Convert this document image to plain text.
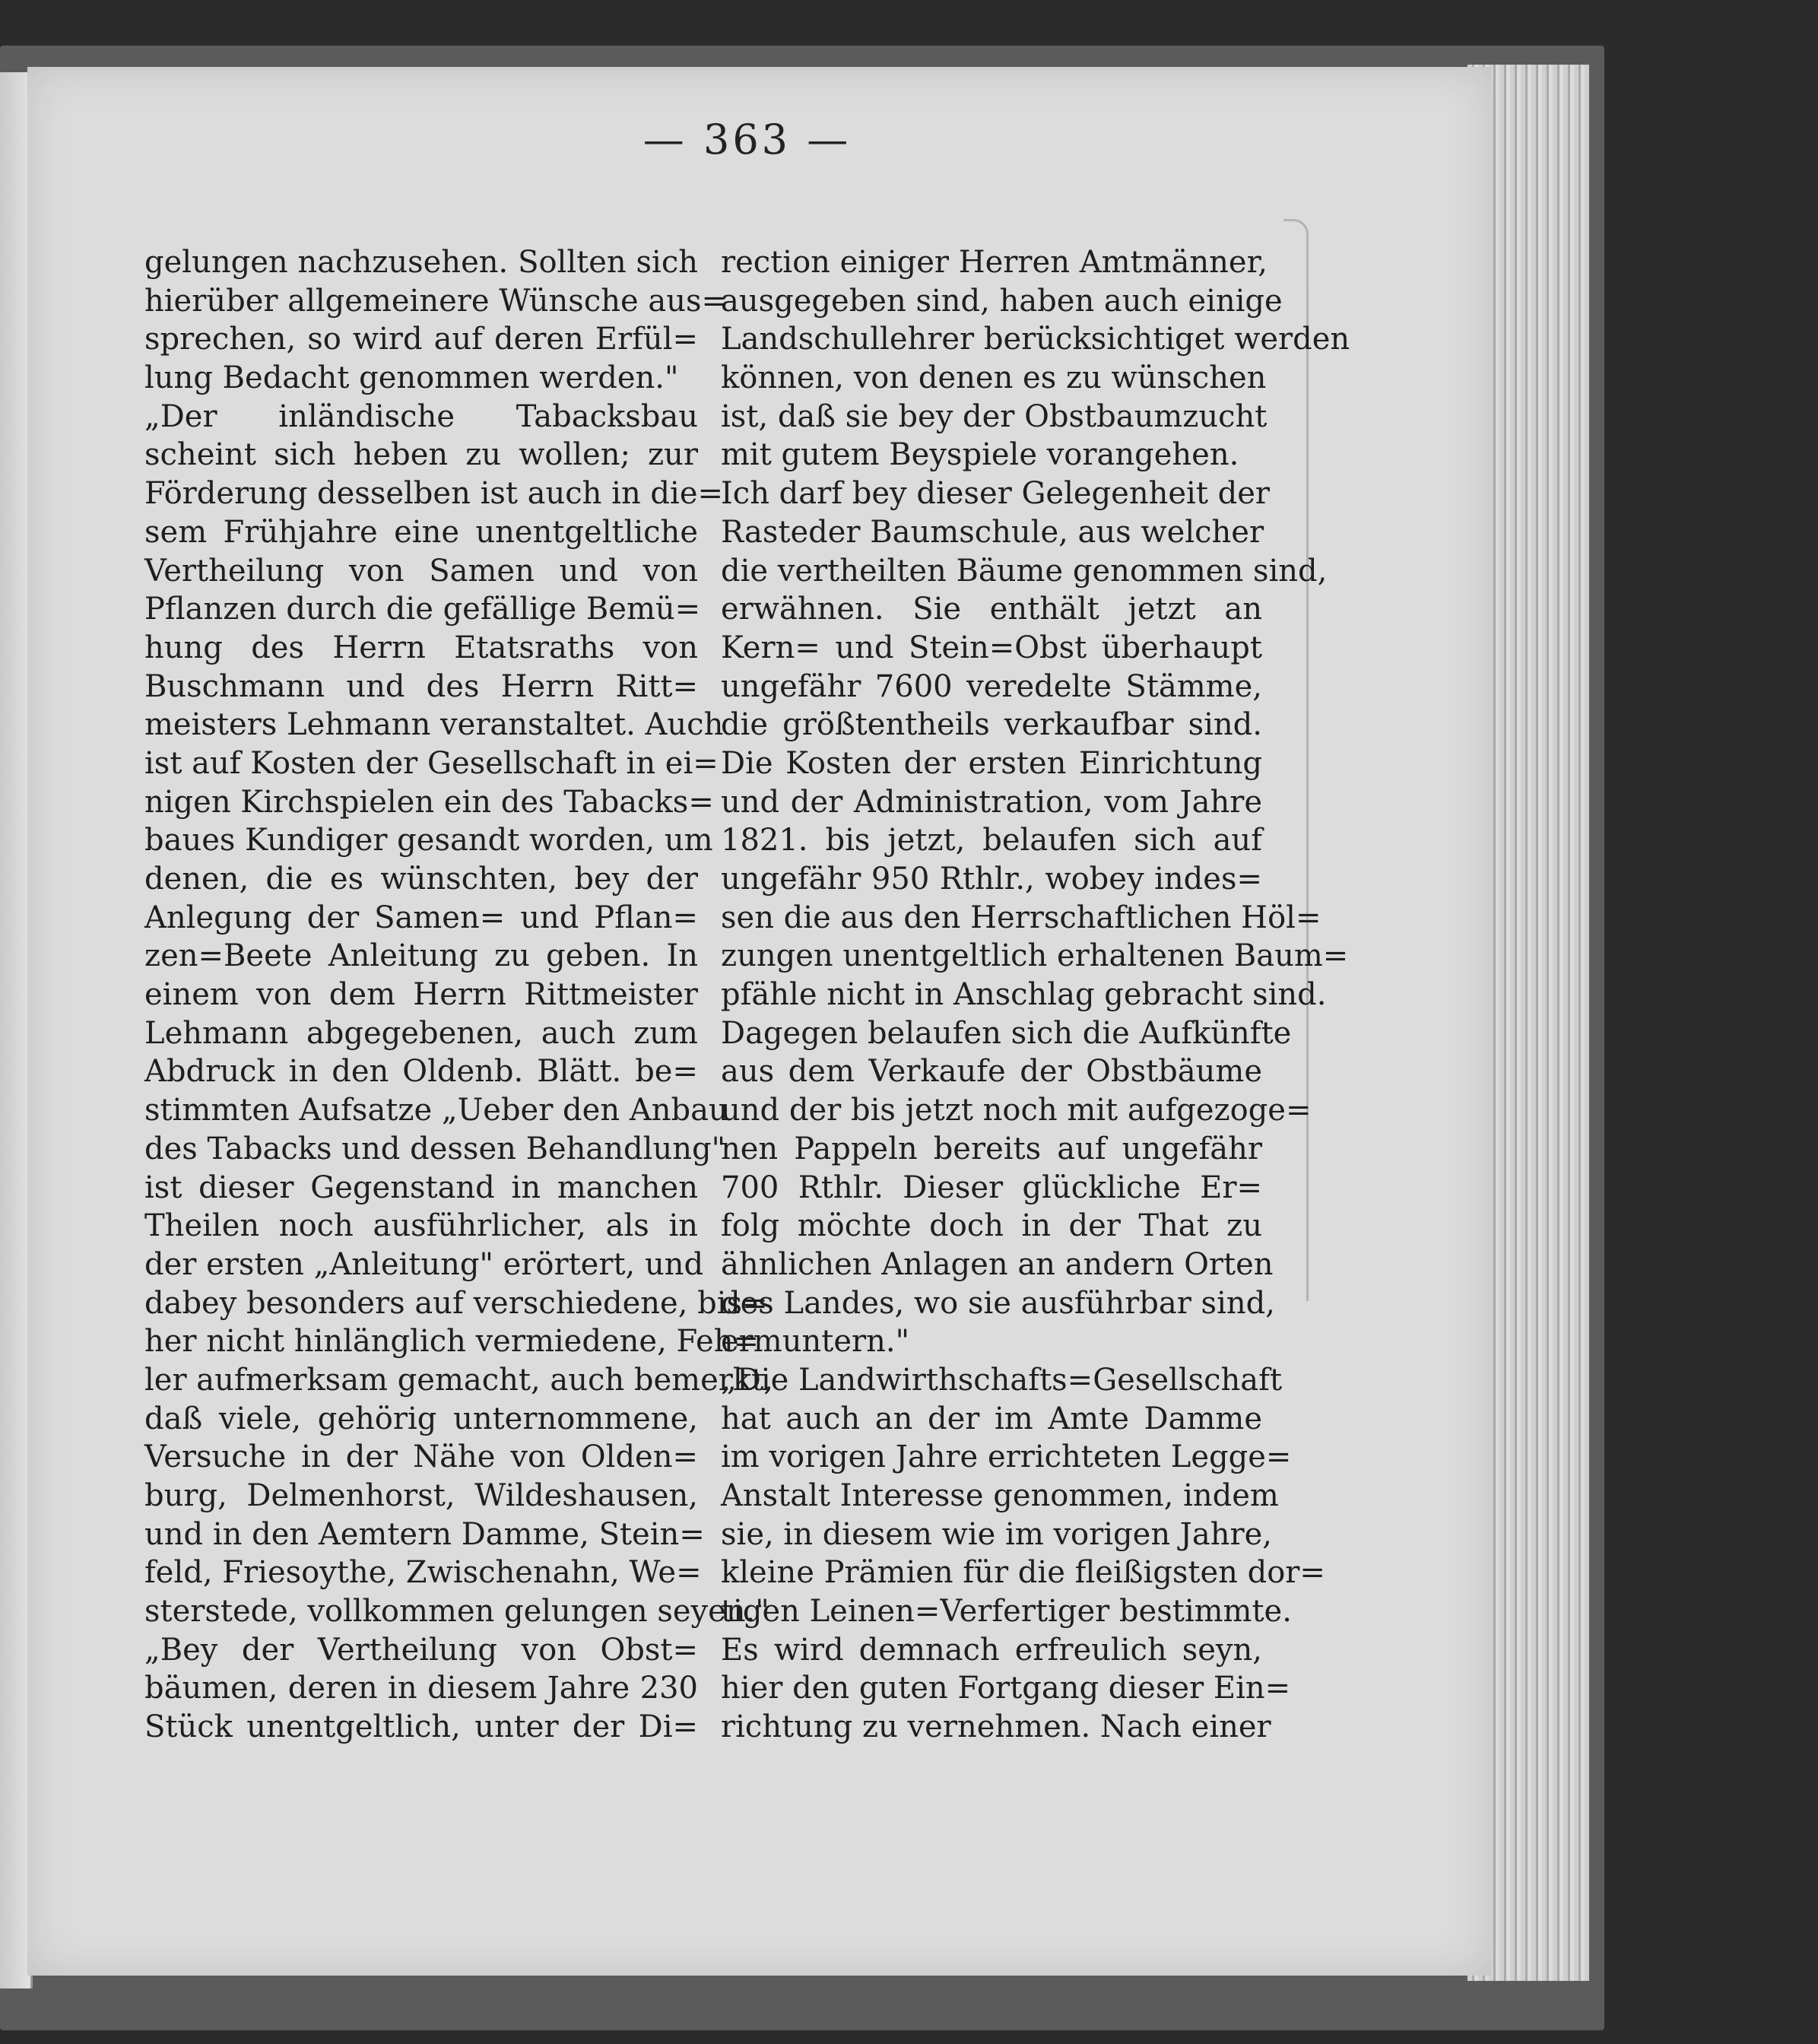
— 363 —
gelungen nachzusehen. Sollten sich
hierüber allgemeinere Wünsche aus=
sprechen, so wird auf deren Erfül=
lung Bedacht genommen werden."
„Der inländische Tabacksbau
scheint sich heben zu wollen; zur
Förderung desselben ist auch in die=
sem Frühjahre eine unentgeltliche
Vertheilung von Samen und von
Pflanzen durch die gefällige Bemü=
hung des Herrn Etatsraths von
Buschmann und des Herrn Ritt=
meisters Lehmann veranstaltet. Auch
ist auf Kosten der Gesellschaft in ei=
nigen Kirchspielen ein des Tabacks=
baues Kundiger gesandt worden, um
denen, die es wünschten, bey der
Anlegung der Samen= und Pflan=
zen=Beete Anleitung zu geben. In
einem von dem Herrn Rittmeister
Lehmann abgegebenen, auch zum
Abdruck in den Oldenb. Blätt. be=
stimmten Aufsatze „Ueber den Anbau
des Tabacks und dessen Behandlung"
ist dieser Gegenstand in manchen
Theilen noch ausführlicher, als in
der ersten „Anleitung" erörtert, und
dabey besonders auf verschiedene, bis=
her nicht hinlänglich vermiedene, Feh=
ler aufmerksam gemacht, auch bemerkt,
daß viele, gehörig unternommene,
Versuche in der Nähe von Olden=
burg, Delmenhorst, Wildeshausen,
und in den Aemtern Damme, Stein=
feld, Friesoythe, Zwischenahn, We=
sterstede, vollkommen gelungen seyen."
„Bey der Vertheilung von Obst=
bäumen, deren in diesem Jahre 230
Stück unentgeltlich, unter der Di=
rection einiger Herren Amtmänner,
ausgegeben sind, haben auch einige
Landschullehrer berücksichtiget werden
können, von denen es zu wünschen
ist, daß sie bey der Obstbaumzucht
mit gutem Beyspiele vorangehen.
Ich darf bey dieser Gelegenheit der
Rasteder Baumschule, aus welcher
die vertheilten Bäume genommen sind,
erwähnen. Sie enthält jetzt an
Kern= und Stein=Obst überhaupt
ungefähr 7600 veredelte Stämme,
die größtentheils verkaufbar sind.
Die Kosten der ersten Einrichtung
und der Administration, vom Jahre
1821. bis jetzt, belaufen sich auf
ungefähr 950 Rthlr., wobey indes=
sen die aus den Herrschaftlichen Höl=
zungen unentgeltlich erhaltenen Baum=
pfähle nicht in Anschlag gebracht sind.
Dagegen belaufen sich die Aufkünfte
aus dem Verkaufe der Obstbäume
und der bis jetzt noch mit aufgezoge=
nen Pappeln bereits auf ungefähr
700 Rthlr. Dieser glückliche Er=
folg möchte doch in der That zu
ähnlichen Anlagen an andern Orten
des Landes, wo sie ausführbar sind,
ermuntern."
„Die Landwirthschafts=Gesellschaft
hat auch an der im Amte Damme
im vorigen Jahre errichteten Legge=
Anstalt Interesse genommen, indem
sie, in diesem wie im vorigen Jahre,
kleine Prämien für die fleißigsten dor=
tigen Leinen=Verfertiger bestimmte.
Es wird demnach erfreulich seyn,
hier den guten Fortgang dieser Ein=
richtung zu vernehmen. Nach einer
